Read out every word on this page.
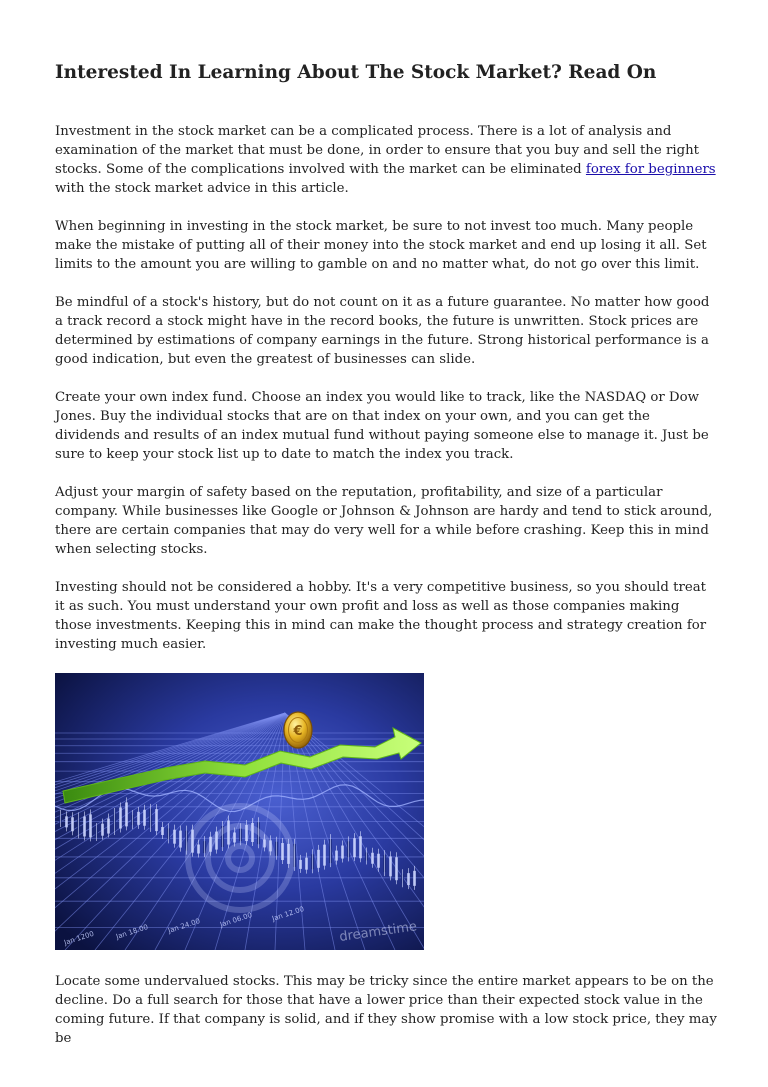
Interested In Learning About The Stock Market? Read On

Investment in the stock market can be a complicated process. There is a lot of analysis and examination of the market that must be done, in order to ensure that you buy and sell the right stocks. Some of the complications involved with the market can be eliminated forex for beginners with the stock market advice in this article.

When beginning in investing in the stock market, be sure to not invest too much. Many people make the mistake of putting all of their money into the stock market and end up losing it all. Set limits to the amount you are willing to gamble on and no matter what, do not go over this limit.

Be mindful of a stock's history, but do not count on it as a future guarantee. No matter how good a track record a stock might have in the record books, the future is unwritten. Stock prices are determined by estimations of company earnings in the future. Strong historical performance is a good indication, but even the greatest of businesses can slide.

Create your own index fund. Choose an index you would like to track, like the NASDAQ or Dow Jones. Buy the individual stocks that are on that index on your own, and you can get the dividends and results of an index mutual fund without paying someone else to manage it. Just be sure to keep your stock list up to date to match the index you track.

Adjust your margin of safety based on the reputation, profitability, and size of a particular company. While businesses like Google or Johnson & Johnson are hardy and tend to stick around, there are certain companies that may do very well for a while before crashing. Keep this in mind when selecting stocks.

Investing should not be considered a hobby. It's a very competitive business, so you should treat it as such. You must understand your own profit and loss as well as those companies making those investments. Keeping this in mind can make the thought process and strategy creation for investing much easier.

€
Jan 1200	Jan 18.00	Jan 24.00	Jan 06.00	Jan 12.00
dreamstime

Locate some undervalued stocks. This may be tricky since the entire market appears to be on the decline. Do a full search for those that have a lower price than their expected stock value in the coming future. If that company is solid, and if they show promise with a low stock price, they may be
